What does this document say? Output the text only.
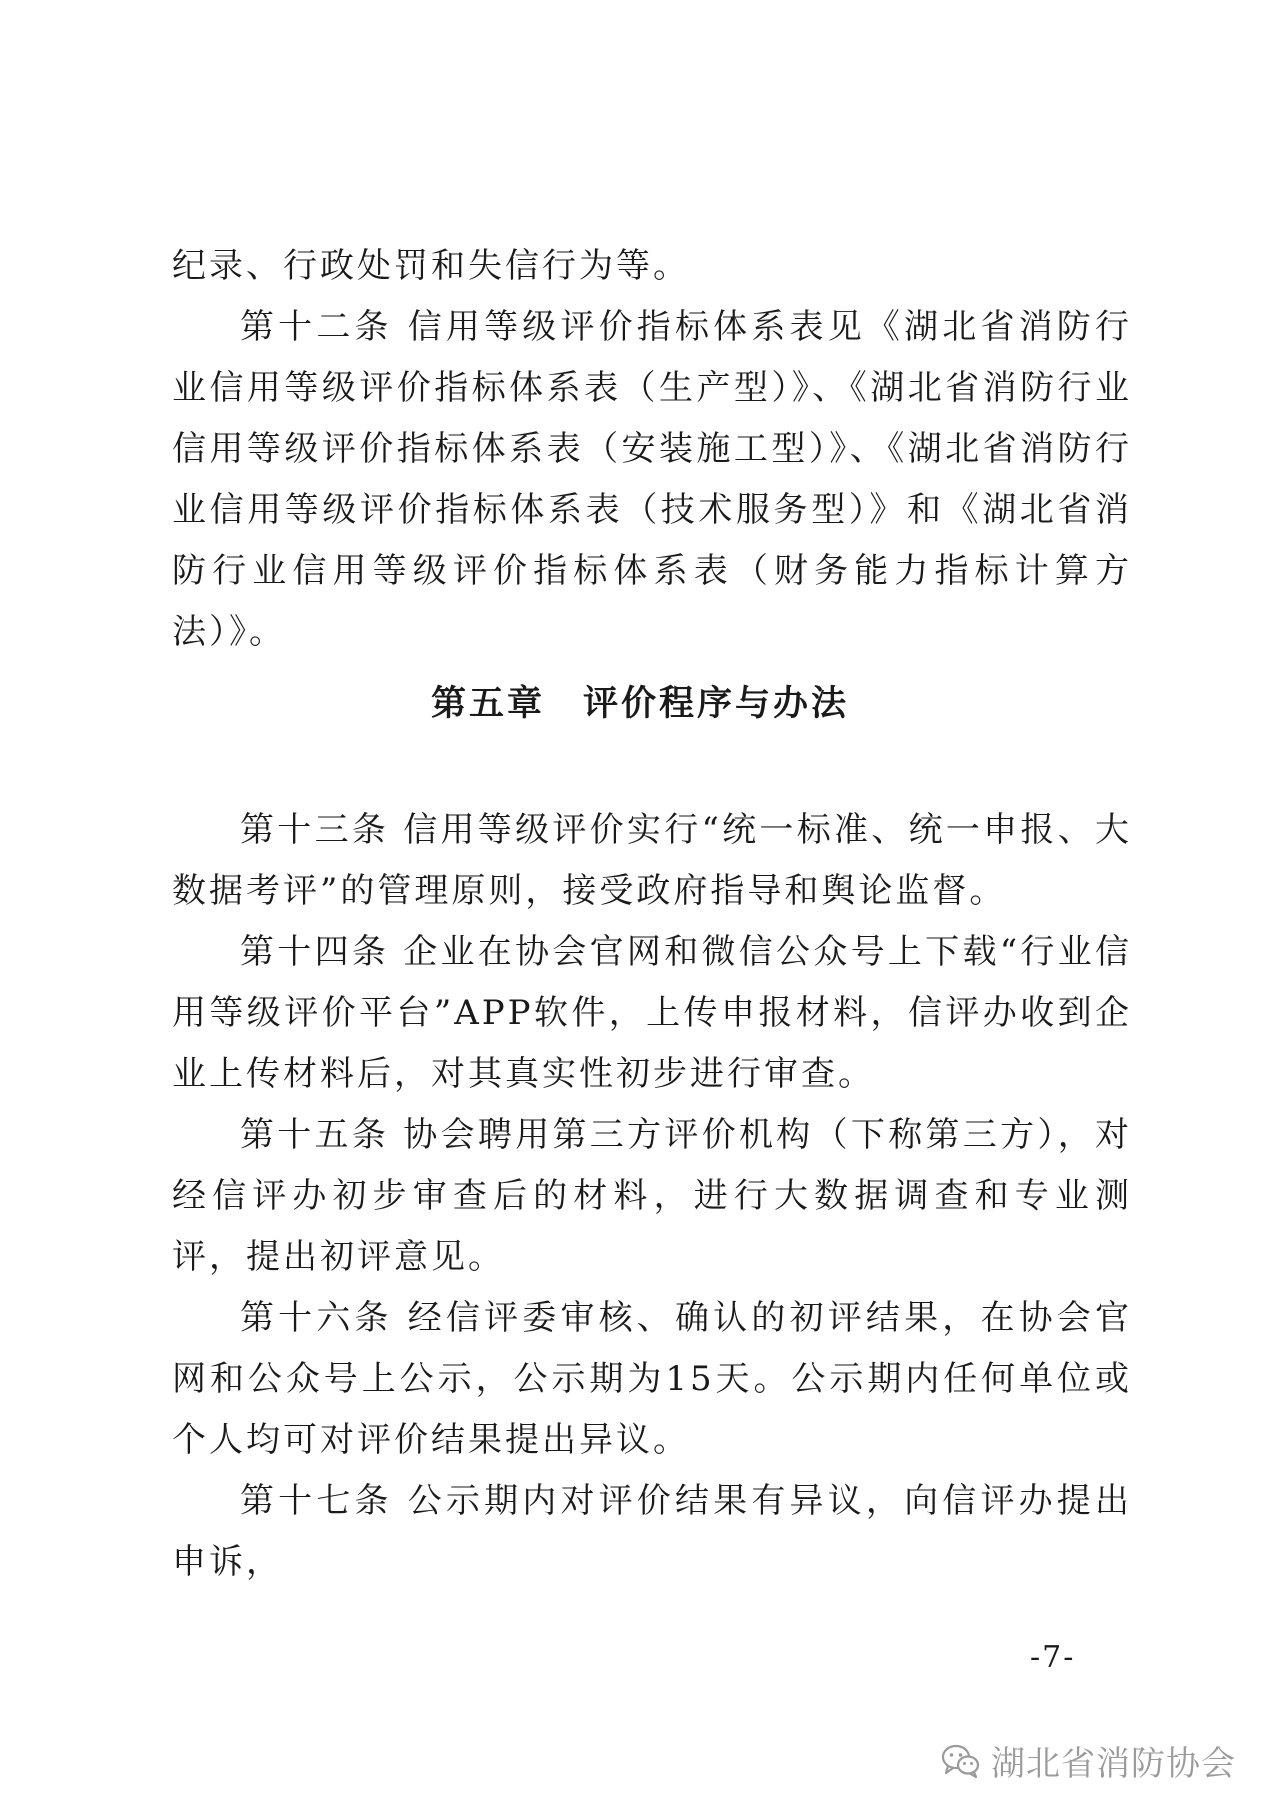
纪录、行政处罚和失信行为等。

第十二条 信用等级评价指标体系表见《湖北省消防行业信用等级评价指标体系表（生产型）》、《湖北省消防行业信用等级评价指标体系表（安装施工型）》、《湖北省消防行业信用等级评价指标体系表（技术服务型）》和《湖北省消防行业信用等级评价指标体系表（财务能力指标计算方法）》。

第五章　评价程序与办法

第十三条 信用等级评价实行“统一标准、统一申报、大数据考评”的管理原则，接受政府指导和舆论监督。

第十四条 企业在协会官网和微信公众号上下载“行业信用等级评价平台”APP软件，上传申报材料，信评办收到企业上传材料后，对其真实性初步进行审查。

第十五条 协会聘用第三方评价机构（下称第三方），对经信评办初步审查后的材料，进行大数据调查和专业测评，提出初评意见。

第十六条 经信评委审核、确认的初评结果，在协会官网和公众号上公示，公示期为15天。公示期内任何单位或个人均可对评价结果提出异议。

第十七条 公示期内对评价结果有异议，向信评办提出申诉，

-7-
湖北省消防协会
